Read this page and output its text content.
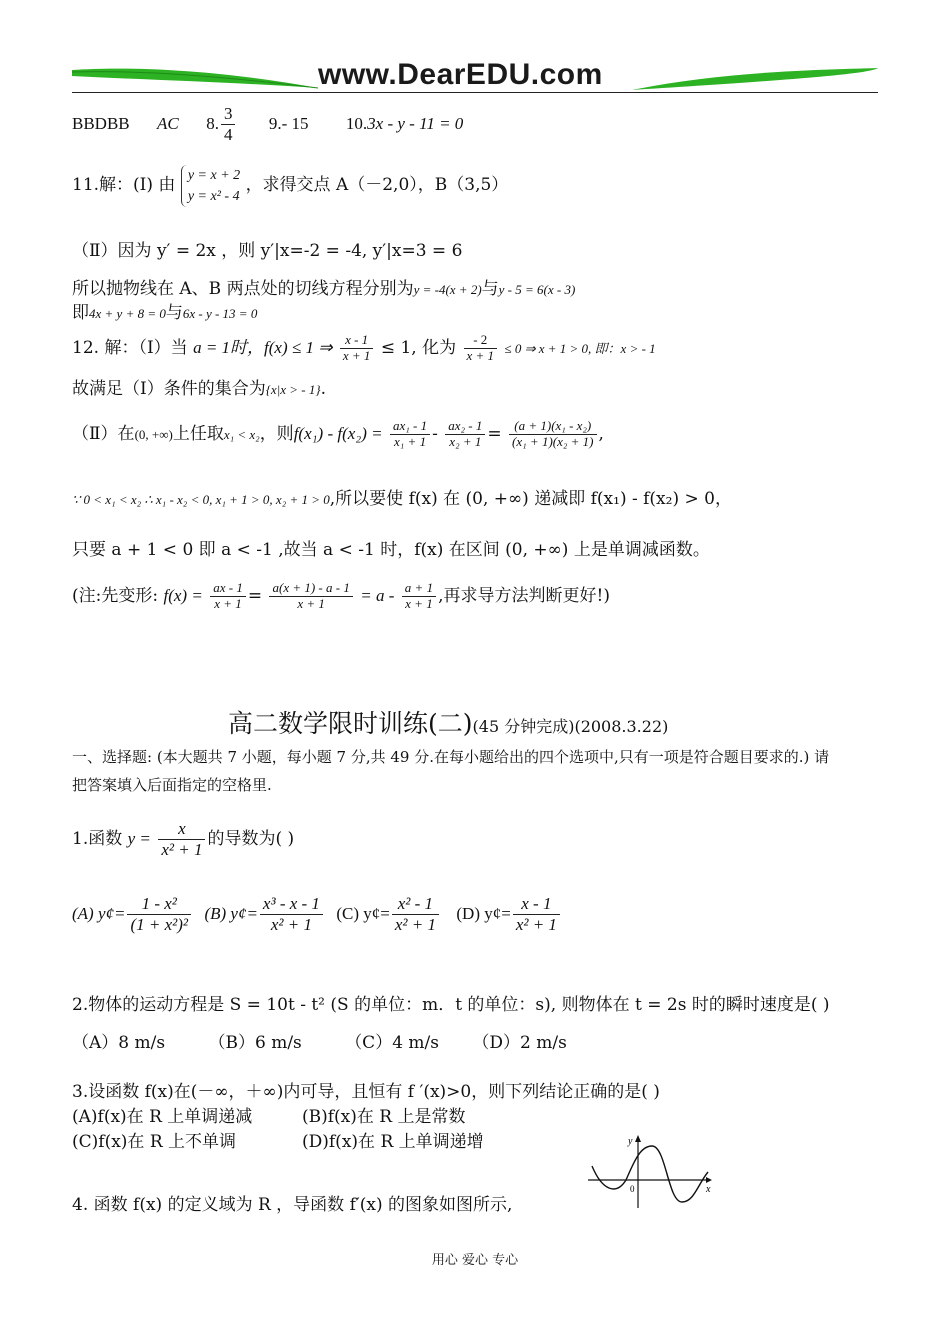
www.DearEDU.com
BBDBB AC 8. $\frac{3}{4} 9.-$ 15 10.3x - y - 11 = 0
11.解：(Ⅰ) 由 y = x + 2
y = x² - 4
，求得交点 A（－2,0），B（3,5）
（Ⅱ）因为 y′ = 2x ，则 y′|x=-2 = -4, y′|x=3 = 6
所以抛物线在 A、B 两点处的切线方程分别为y = -4(x + 2)与y - 5 = 6(x - 3)
即4x + y + 8 = 0与6x - y - 13 = 0
12. 解：（Ⅰ）当 a = 1时，f(x) ≤ 1 ⇒ $\frac{x - 1}{x + 1} \le 1$, 化为 $\frac{- 2}{x + 1} \le 0$ ⇒ x + 1 > 0, 即：x > - 1
故满足（Ⅰ）条件的集合为{x|x > - 1}.
（Ⅱ）在(0, +∞)上任取x₁ < x₂，则$f(x_1) - f(x_2) = \frac{\text{ax₁ - 1}}{\text{x₁ + 1}} - \frac{\text{ax₂ - 1}}{\text{x₂ + 1}} = \frac{\text{(a + 1)(x₁ - x₂)}}{\text{(x₁ + 1)(x₂ + 1)}}$ ,
∵ 0 < x₁ < x₂ ∴ x₁ - x₂ < 0, x₁ + 1 > 0, x₂ + 1 > 0,所以要使 f(x) 在 (0, +∞) 递减即 f(x₁) - f(x₂) > 0，
只要 a + 1 < 0 即 a < -1 ,故当 a < -1 时，f(x) 在区间 (0, +∞) 上是单调减函数。
(注:先变形: $f(x) = \frac{ax - 1}{x + 1} = \frac{a(x + 1) - a - 1}{x + 1} = a - \frac{a + 1}{x + 1}$ ,再求导方法判断更好!)
高二数学限时训练(二)(45 分钟完成)(2008.3.22)
一、选择题: (本大题共 7 小题，每小题 7 分,共 49 分.在每小题给出的四个选项中,只有一项是符合题目要求的.) 请
把答案填入后面指定的空格里.
1.函数 $y = \frac{x}{\text{x² + 1}}$ 的导数为( )
(A) y¢= $\frac{\text{1 - x²}}{\text{(1 + x²)²}} (B)$ y¢= $\frac{\text{x³ - x - 1}}{\text{x² + 1}} (C)$ y¢= $\frac{\text{x² - 1}}{\text{x² + 1}} (D)$ y¢= $\frac{x - 1}{\text{x² + 1}}$
2.物体的运动方程是 S = 10t - t² (S 的单位：m．t 的单位：s), 则物体在 t = 2s 时的瞬时速度是( )
（A）8 m/s	（B）6 m/s	（C）4 m/s （D）2 m/s
3.设函数 f(x)在(－∞，＋∞)内可导，且恒有 f ′(x)>0，则下列结论正确的是( )
(A)f(x)在 R 上单调递减	(B)f(x)在 R 上是常数
(C)f(x)在 R 上不单调	(D)f(x)在 R 上单调递增
4. 函数 f(x) 的定义域为 R ，导函数 f′(x) 的图象如图所示,
y
x
0
用心 爱心 专心
